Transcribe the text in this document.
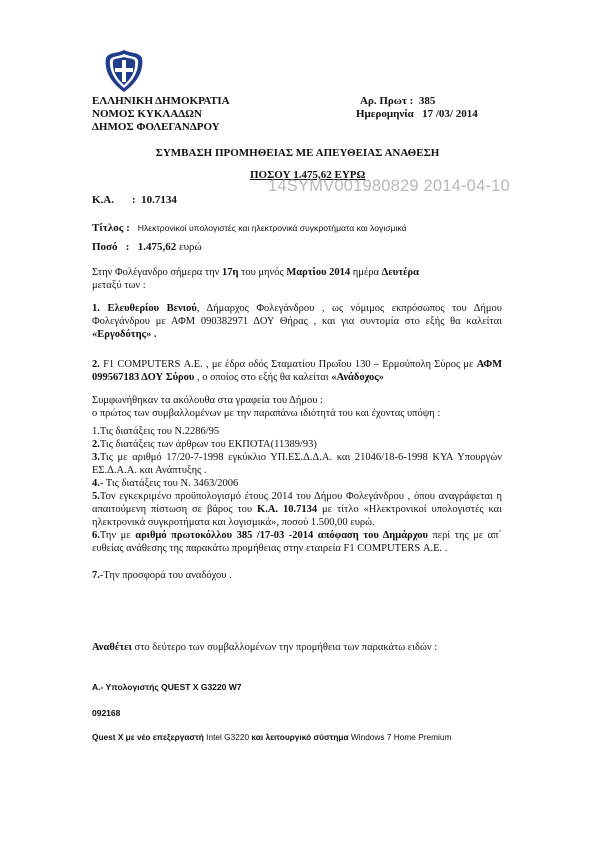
ΕΛΛΗΝΙΚΗ ΔΗΜΟΚΡΑΤΙΑ
ΝΟΜΟΣ ΚΥΚΛΑΔΩΝ
ΔΗΜΟΣ ΦΟΛΕΓΑΝΔΡΟΥ
Αρ. Πρωτ : 385
Ημερομηνία 17 /03/ 2014
ΣΥΜΒΑΣΗ ΠΡΟΜΗΘΕΙΑΣ ΜΕ ΑΠΕΥΘΕΙΑΣ ΑΝΑΘΕΣΗ
ΠΟΣΟΥ 1.475,62 ΕΥΡΩ
14SYMV001980829 2014-04-10
Κ.Α. : 10.7134
Τίτλος : Ηλεκτρονικοί υπολογιστές και ηλεκτρονικά συγκροτήματα και λογισμικά
Ποσό : 1.475,62 ευρώ
Στην Φολέγανδρο σήμερα την 17η του μηνός Μαρτίου 2014 ημέρα Δευτέρα
μεταξύ των :
1. Ελευθερίου Βενιού, Δήμαρχος Φολεγάνδρου , ως νόμιμος εκπρόσωπος του Δήμου Φολεγάνδρου με ΑΦΜ 090382971 ΔΟΥ Θήρας , και για συντομία στο εξής θα καλείται «Εργοδότης» .
2. F1 COMPUTERS Α.Ε. , με έδρα οδός Σταματίου Πρωΐου 130 – Ερμούπολη Σύρος με ΑΦΜ 099567183 ΔΟΥ Σύρου , ο οποίος στο εξής θα καλείται «Ανάδοχος»

Συμφωνήθηκαν τα ακόλουθα στα γραφεία του Δήμου :

ο πρώτος των συμβαλλομένων με την παραπάνω ιδιότητά του και έχοντας υπόψη :

1.Τις διατάξεις του Ν.2286/95

2.Τις διατάξεις των άρθρων του ΕΚΠΟΤΑ(11389/93)

3.Τις με αριθμό 17/20-7-1998 εγκύκλιο ΥΠ.ΕΣ.Δ.Δ.Α. και 21046/18-6-1998 ΚΥΑ Υπουργών ΕΣ.Δ.Α.Α. και Ανάπτυξης .

4.- Τις διατάξεις του Ν. 3463/2006

5.Τον εγκεκριμένο προϋπολογισμό έτους 2014 του Δήμου Φολεγάνδρου , όπου αναγράφεται η απαιτούμενη πίστωση σε βάρος του Κ.Α. 10.7134 με τίτλο «Ηλεκτρονικοί υπολογιστές και ηλεκτρονικά συγκροτήματα και λογισμικά», ποσού 1.500,00 ευρώ.

6.Την με αριθμό πρωτοκόλλου 385 /17-03 -2014 απόφαση του Δημάρχου περί της με απ΄ ευθείας ανάθεσης της παρακάτω προμήθειας στην εταιρεία F1 COMPUTERS Α.Ε. .

7.-Την προσφορά του αναδόχου .

Αναθέτει στο δεύτερο των συμβαλλομένων την προμήθεια των παρακάτω ειδών :
Α.- Υπολογιστής QUEST X G3220 W7
092168
Quest X με νέο επεξεργαστή Intel G3220 και λειτουργικό σύστημα Windows 7 Home Premium
